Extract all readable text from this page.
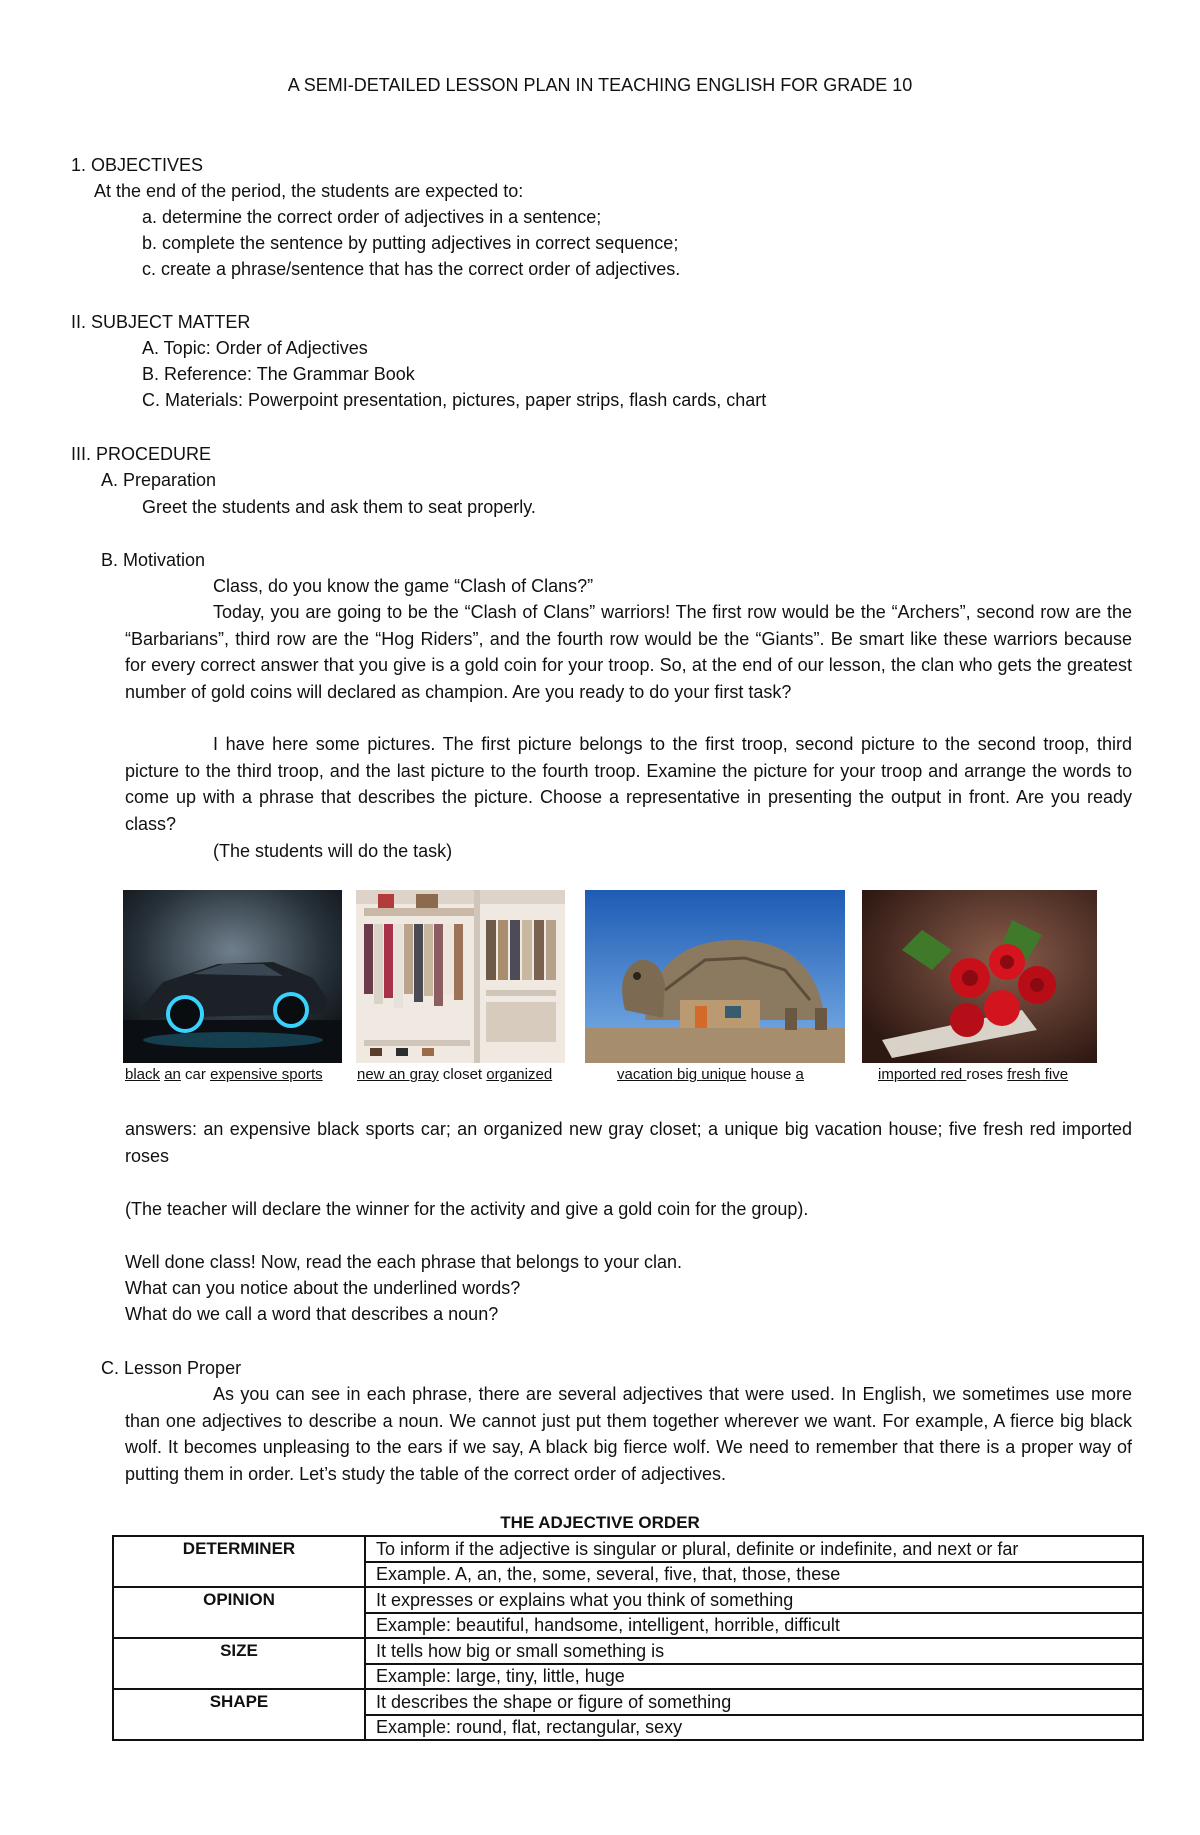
A SEMI-DETAILED LESSON PLAN IN TEACHING ENGLISH FOR GRADE 10
1. OBJECTIVES
At the end of the period, the students are expected to:
a. determine the correct order of adjectives in a sentence;
b. complete the sentence by putting adjectives in correct sequence;
c. create a phrase/sentence that has the correct order of adjectives.
II. SUBJECT MATTER
A. Topic: Order of Adjectives
B. Reference: The Grammar Book
C. Materials: Powerpoint presentation, pictures, paper strips, flash cards, chart
III. PROCEDURE
A. Preparation
Greet the students and ask them to seat properly.
B. Motivation
Class, do you know the game “Clash of Clans?”
Today, you are going to be the “Clash of Clans” warriors! The first row would be the “Archers”, second row are the “Barbarians”, third row are the “Hog Riders”, and the fourth row would be the “Giants”. Be smart like these warriors because for every correct answer that you give is a gold coin for your troop. So, at the end of our lesson, the clan who gets the greatest number of gold coins will declared as champion. Are you ready to do your first task?
I have here some pictures. The first picture belongs to the first troop, second picture to the second troop, third picture to the third troop, and the last picture to the fourth troop. Examine the picture for your troop and arrange the words to come up with a phrase that describes the picture. Choose a representative in presenting the output in front. Are you ready class?
(The students will do the task)
black an car expensive sports new an gray closet organized	vacation big unique house a	imported red roses fresh five
answers: an expensive black sports car; an organized new gray closet; a unique big vacation house; five fresh red imported roses
(The teacher will declare the winner for the activity and give a gold coin for the group).
Well done class! Now, read the each phrase that belongs to your clan.
What can you notice about the underlined words?
What do we call a word that describes a noun?
C. Lesson Proper
As you can see in each phrase, there are several adjectives that were used. In English, we sometimes use more than one adjectives to describe a noun. We cannot just put them together wherever we want. For example, A fierce big black wolf. It becomes unpleasing to the ears if we say, A black big fierce wolf. We need to remember that there is a proper way of putting them in order. Let’s study the table of the correct order of adjectives.
THE ADJECTIVE ORDER
DETERMINER	To inform if the adjective is singular or plural, definite or indefinite, and next or far
	Example. A, an, the, some, several, five, that, those, these
OPINION	It expresses or explains what you think of something
	Example: beautiful, handsome, intelligent, horrible, difficult
SIZE	It tells how big or small something is
	Example: large, tiny, little, huge
SHAPE	It describes the shape or figure of something
	Example: round, flat, rectangular, sexy
